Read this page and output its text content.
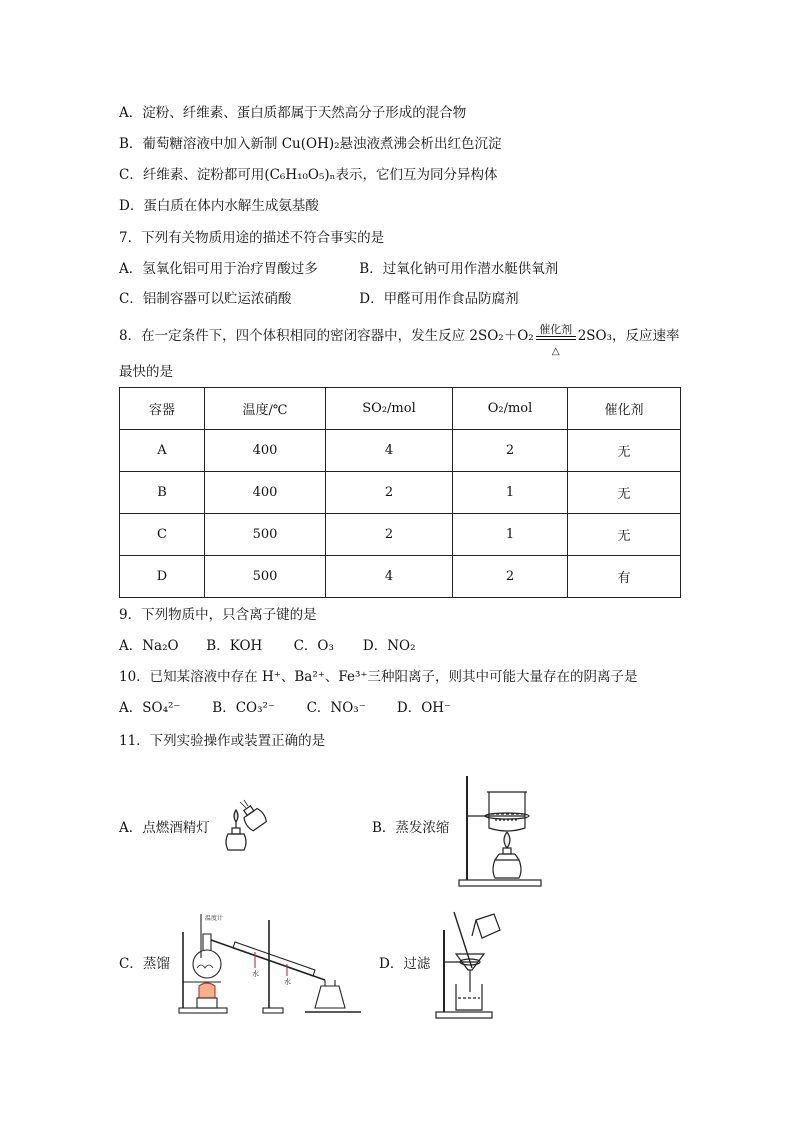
A．淀粉、纤维素、蛋白质都属于天然高分子形成的混合物
B．葡萄糖溶液中加入新制 Cu(OH)₂悬浊液煮沸会析出红色沉淀
C．纤维素、淀粉都可用(C₆H₁₀O₅)ₙ表示，它们互为同分异构体
D．蛋白质在体内水解生成氨基酸
7．下列有关物质用途的描述不符合事实的是
A．氢氧化铝可用于治疗胃酸过多	B．过氧化钠可用作潜水艇供氧剂
C．铝制容器可以贮运浓硝酸	D．甲醛可用作食品防腐剂
8．在一定条件下，四个体积相同的密闭容器中，发生反应 2SO₂＋O₂ 催化剂
△
2SO₃，反应速率
最快的是
容器	温度/℃	SO₂/mol	O₂/mol	催化剂
A	400	4	2	无
B	400	2	1	无
C	500	2	1	无
D	500	4	2	有
9．下列物质中，只含离子键的是
A．Na₂O B．KOH C．O₃ D．NO₂
10．已知某溶液中存在 H⁺、Ba²⁺、Fe³⁺三种阳离子，则其中可能大量存在的阴离子是
A．SO₄²⁻ B．CO₃²⁻ C．NO₃⁻ D．OH⁻
11．下列实验操作或装置正确的是
A．点燃酒精灯	B．蒸发浓缩
C．蒸馏	D．过滤
温度计
水
水
